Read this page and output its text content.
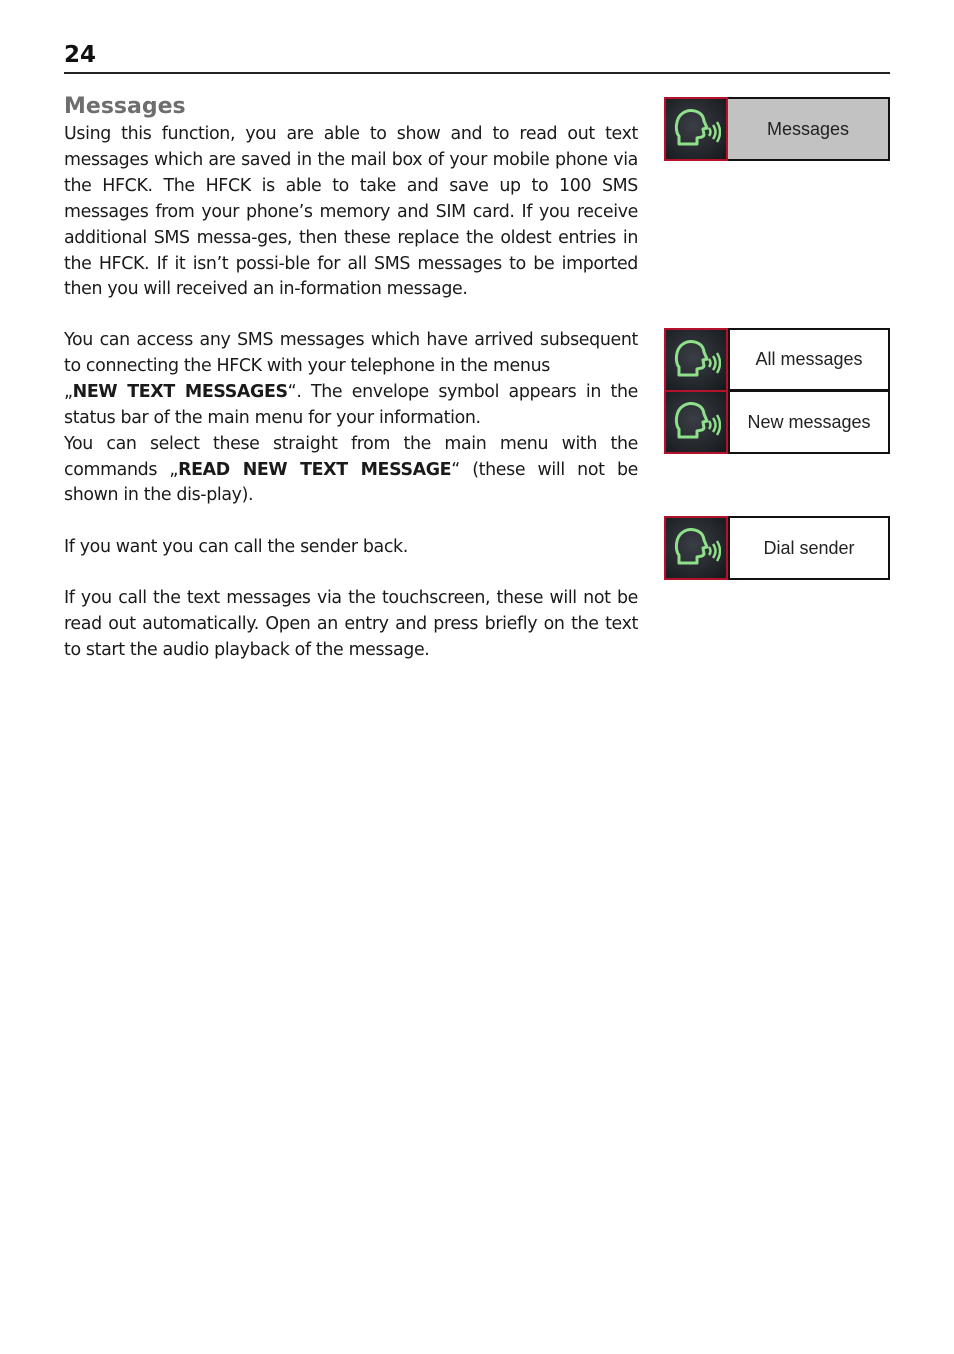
24
Messages

Using this function, you are able to show and to read out text messages which are saved in the mail box of your mobile phone via the HFCK. The HFCK is able to take and save up to 100 SMS messages from your phone’s memory and SIM card. If you receive additional SMS messa-ges, then these replace the oldest entries in the HFCK. If it isn’t possi-ble for all SMS messages to be imported then you will received an in-formation message.

You can access any SMS messages which have arrived subsequent to connecting the HFCK with your telephone in the menus
„NEW TEXT MESSAGES“. The envelope symbol appears in the status bar of the main menu for your information.
You can select these straight from the main menu with the commands „READ NEW TEXT MESSAGE“ (these will not be shown in the dis-play).

If you want you can call the sender back.

If you call the text messages via the touchscreen, these will not be read out automatically. Open an entry and press briefly on the text to start the audio playback of the message.

Messages
All messages
New messages
Dial sender
